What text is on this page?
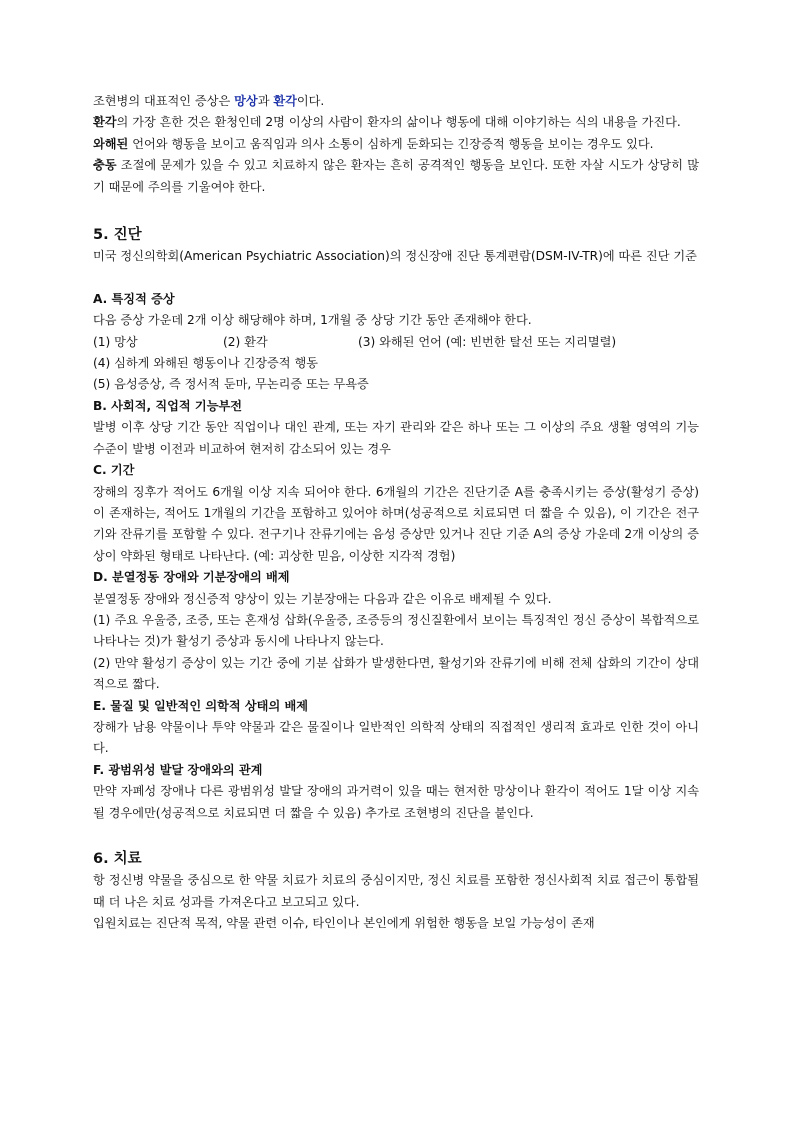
조현병의 대표적인 증상은 망상과 환각이다.

환각의 가장 흔한 것은 환청인데 2명 이상의 사람이 환자의 삶이나 행동에 대해 이야기하는 식의 내용을 가진다.

와해된 언어와 행동을 보이고 움직임과 의사 소통이 심하게 둔화되는 긴장증적 행동을 보이는 경우도 있다.

충동 조절에 문제가 있을 수 있고 치료하지 않은 환자는 흔히 공격적인 행동을 보인다. 또한 자살 시도가 상당히 많기 때문에 주의를 기울여야 한다.

5. 진단

미국 정신의학회(American Psychiatric Association)의 정신장애 진단 통계편람(DSM-IV-TR)에 따른 진단 기준

A. 특징적 증상

다음 증상 가운데 2개 이상 해당해야 하며, 1개월 중 상당 기간 동안 존재해야 한다.

(1) 망상	(2) 환각	(3) 와해된 언어 (예: 빈번한 탈선 또는 지리멸렬)

(4) 심하게 와해된 행동이나 긴장증적 행동

(5) 음성증상, 즉 정서적 둔마, 무논리증 또는 무욕증

B. 사회적, 직업적 기능부전

발병 이후 상당 기간 동안 직업이나 대인 관계, 또는 자기 관리와 같은 하나 또는 그 이상의 주요 생활 영역의 기능 수준이 발병 이전과 비교하여 현저히 감소되어 있는 경우

C. 기간

장해의 징후가 적어도 6개월 이상 지속 되어야 한다. 6개월의 기간은 진단기준 A를 충족시키는 증상(활성기 증상)이 존재하는, 적어도 1개월의 기간을 포함하고 있어야 하며(성공적으로 치료되면 더 짧을 수 있음), 이 기간은 전구기와 잔류기를 포함할 수 있다. 전구기나 잔류기에는 음성 증상만 있거나 진단 기준 A의 증상 가운데 2개 이상의 증상이 약화된 형태로 나타난다. (예: 괴상한 믿음, 이상한 지각적 경험)

D. 분열정동 장애와 기분장애의 배제

분열정동 장애와 정신증적 양상이 있는 기분장애는 다음과 같은 이유로 배제될 수 있다.

(1) 주요 우울증, 조증, 또는 혼재성 삽화(우울증, 조증등의 정신질환에서 보이는 특징적인 정신 증상이 복합적으로 나타나는 것)가 활성기 증상과 동시에 나타나지 않는다.

(2) 만약 활성기 증상이 있는 기간 중에 기분 삽화가 발생한다면, 활성기와 잔류기에 비해 전체 삽화의 기간이 상대적으로 짧다.

E. 물질 및 일반적인 의학적 상태의 배제

장해가 남용 약물이나 투약 약물과 같은 물질이나 일반적인 의학적 상태의 직접적인 생리적 효과로 인한 것이 아니다.

F. 광범위성 발달 장애와의 관계

만약 자폐성 장애나 다른 광범위성 발달 장애의 과거력이 있을 때는 현저한 망상이나 환각이 적어도 1달 이상 지속될 경우에만(성공적으로 치료되면 더 짧을 수 있음) 추가로 조현병의 진단을 붙인다.

6. 치료

항 정신병 약물을 중심으로 한 약물 치료가 치료의 중심이지만, 정신 치료를 포함한 정신사회적 치료 접근이 통합될 때 더 나은 치료 성과를 가져온다고 보고되고 있다.

입원치료는 진단적 목적, 약물 관련 이슈, 타인이나 본인에게 위험한 행동을 보일 가능성이 존재
